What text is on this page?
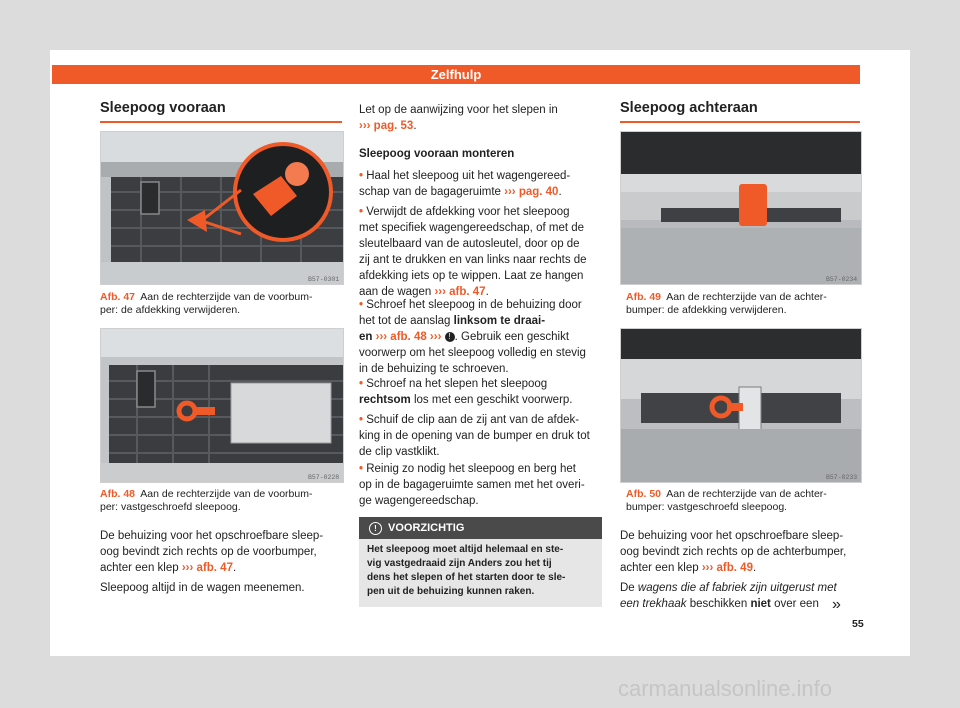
Zelfhulp
Sleepoog vooraan
B57-0301
Afb. 47 Aan de rechterzijde van de voorbum-
per: de afdekking verwijderen.
B57-0228
Afb. 48 Aan de rechterzijde van de voorbum-
per: vastgeschroefd sleepoog.
De behuizing voor het opschroefbare sleep-
oog bevindt zich rechts op de voorbumper,
achter een klep ››› afb. 47.
Sleepoog altijd in de wagen meenemen.
Let op de aanwijzing voor het slepen in
››› pag. 53.
Sleepoog vooraan monteren
• Haal het sleepoog uit het wagengereed-
schap van de bagageruimte ››› pag. 40.
• Verwijdt de afdekking voor het sleepoog
met specifiek wagengereedschap, of met de
sleutelbaard van de autosleutel, door op de
zij ant te drukken en van links naar rechts de
afdekking iets op te wippen. Laat ze hangen
aan de wagen ››› afb. 47.
• Schroef het sleepoog in de behuizing door
het tot de aanslag linksom te draai-
en ››› afb. 48 ››› ! . Gebruik een geschikt
voorwerp om het sleepoog volledig en stevig
in de behuizing te schroeven.
• Schroef na het slepen het sleepoog
rechtsom los met een geschikt voorwerp.
• Schuif de clip aan de zij ant van de afdek-
king in de opening van de bumper en druk tot
de clip vastklikt.
• Reinig zo nodig het sleepoog en berg het
op in de bagageruimte samen met het overi-
ge wagengereedschap.
! VOORZICHTIG
Het sleepoog moet altijd helemaal en ste-
vig vastgedraaid zijn Anders zou het tij
dens het slepen of het starten door te sle-
pen uit de behuizing kunnen raken.
Sleepoog achteraan
B57-0234
Afb. 49 Aan de rechterzijde van de achter-
bumper: de afdekking verwijderen.
B57-0233
Afb. 50 Aan de rechterzijde van de achter-
bumper: vastgeschroefd sleepoog.
De behuizing voor het opschroefbare sleep-
oog bevindt zich rechts op de achterbumper,
achter een klep ››› afb. 49.
De wagens die af fabriek zijn uitgerust met
een trekhaak beschikken niet over een »
55
carmanualsonline.info
